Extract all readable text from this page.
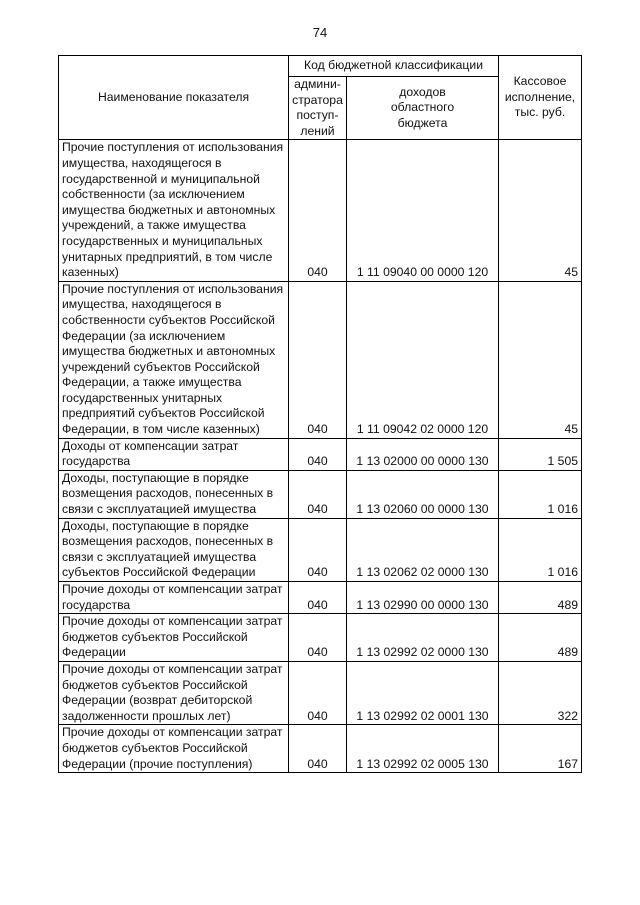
74
Наименование показателя	Код бюджетной классификации		Кассовое
исполнение,
тыс. руб.

	админи-
стратора
поступ-
лений	доходов
областного
бюджета	

Прочие поступления от использования имущества, находящегося в государственной и муниципальной собственности (за исключением имущества бюджетных и автономных учреждений, а также имущества государственных и муниципальных унитарных предприятий, в том числе казенных)	040	1 11 09040 00 0000 120	45
Прочие поступления от использования имущества, находящегося в собственности субъектов Российской Федерации (за исключением имущества бюджетных и автономных учреждений субъектов Российской Федерации, а также имущества государственных унитарных предприятий субъектов Российской Федерации, в том числе казенных)	040	1 11 09042 02 0000 120	45
Доходы от компенсации затрат государства	040	1 13 02000 00 0000 130	1 505
Доходы, поступающие в порядке возмещения расходов, понесенных в связи с эксплуатацией имущества	040	1 13 02060 00 0000 130	1 016
Доходы, поступающие в порядке возмещения расходов, понесенных в связи с эксплуатацией имущества субъектов Российской Федерации	040	1 13 02062 02 0000 130	1 016
Прочие доходы от компенсации затрат государства	040	1 13 02990 00 0000 130	489
Прочие доходы от компенсации затрат бюджетов субъектов Российской Федерации	040	1 13 02992 02 0000 130	489
Прочие доходы от компенсации затрат бюджетов субъектов Российской Федерации (возврат дебиторской задолженности прошлых лет)	040	1 13 02992 02 0001 130	322
Прочие доходы от компенсации затрат бюджетов субъектов Российской Федерации (прочие поступления)	040	1 13 02992 02 0005 130	167
